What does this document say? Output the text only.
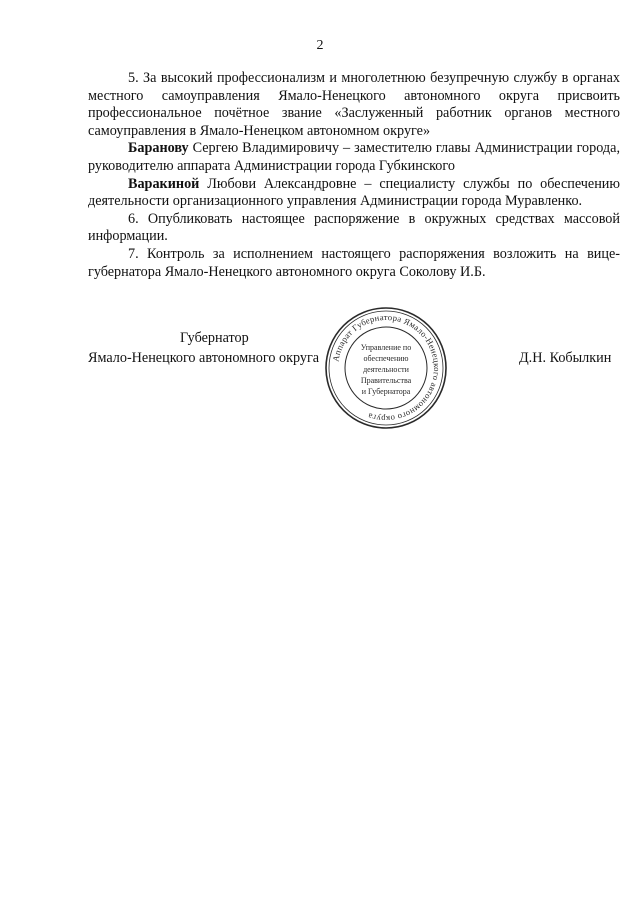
2

5. За высокий профессионализм и многолетнюю безупречную службу в органах местного самоуправления Ямало-Ненецкого автономного округа присвоить профессиональное почётное звание «Заслуженный работник органов местного самоуправления в Ямало-Ненецком автономном округе»

Баранову Сергею Владимировичу – заместителю главы Администрации города, руководителю аппарата Администрации города Губкинского

Варакиной Любови Александровне – специалисту службы по обеспечению деятельности организационного управления Администрации города Муравленко.

6. Опубликовать настоящее распоряжение в окружных средствах массовой информации.

7. Контроль за исполнением настоящего распоряжения возложить на вице-губернатора Ямало-Ненецкого автономного округа Соколову И.Б.

Губернатор
Ямало-Ненецкого автономного округа	Д.Н. Кобылкин
Аппарат Губернатора Ямало-Ненецкого автономного округа
Управление по
обеспечению
деятельности
Правительства
и Губернатора
